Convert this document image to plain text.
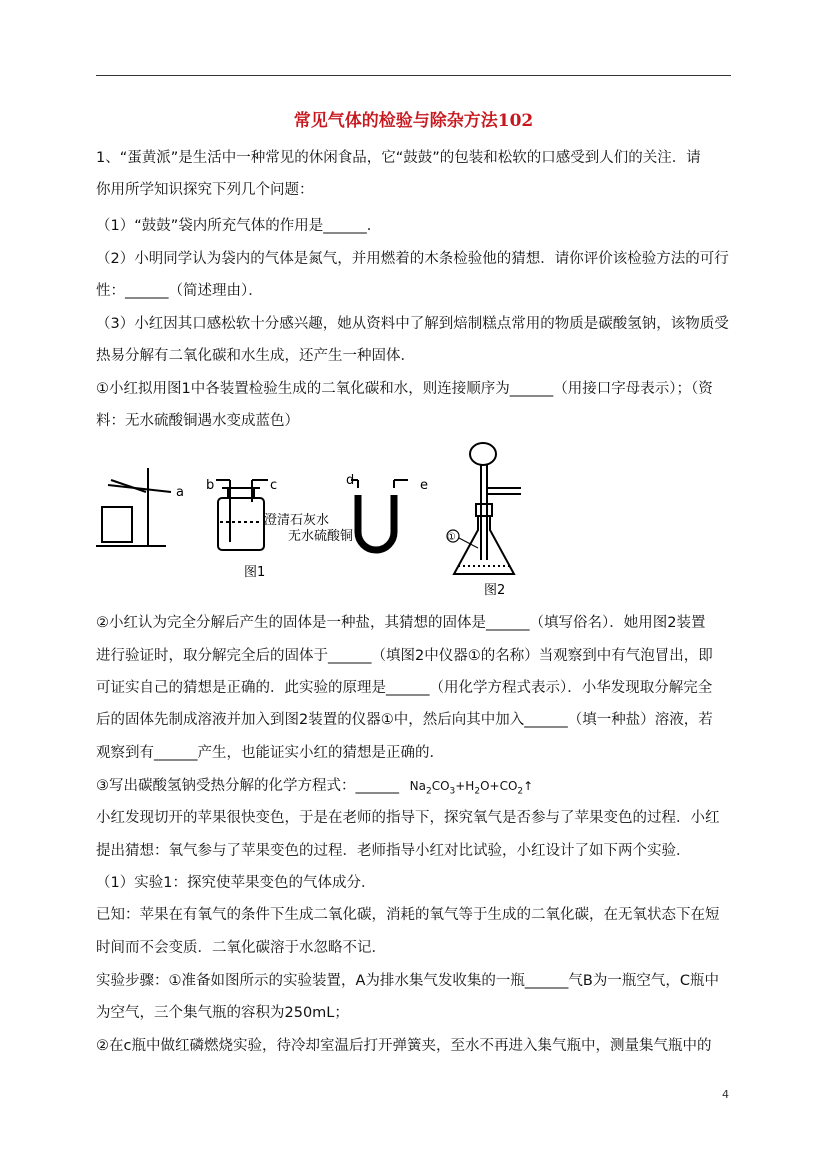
常见气体的检验与除杂方法102
1、“蛋黄派”是生活中一种常见的休闲食品，它“鼓鼓”的包装和松软的口感受到人们的关注．请
你用所学知识探究下列几个问题：
（1）“鼓鼓”袋内所充气体的作用是______．
（2）小明同学认为袋内的气体是氮气，并用燃着的木条检验他的猜想．请你评价该检验方法的可行
性：______（简述理由）．
（3）小红因其口感松软十分感兴趣，她从资料中了解到焙制糕点常用的物质是碳酸氢钠，该物质受
热易分解有二氧化碳和水生成，还产生一种固体．
①小红拟用图1中各装置检验生成的二氧化碳和水，则连接顺序为______（用接口字母表示）；（资
料：无水硫酸铜遇水变成蓝色）
a b	c	d	e
澄清石灰水
无水硫酸铜
图1
图2
①
②小红认为完全分解后产生的固体是一种盐，其猜想的固体是______（填写俗名）．她用图2装置
进行验证时，取分解完全后的固体于______（填图2中仪器①的名称）当观察到中有气泡冒出，即
可证实自己的猜想是正确的．此实验的原理是______（用化学方程式表示）．小华发现取分解完全
后的固体先制成溶液并加入到图2装置的仪器①中，然后向其中加入______（填一种盐）溶液，若
观察到有______产生，也能证实小红的猜想是正确的．
③写出碳酸氢钠受热分解的化学方程式：______ $Na_2CO_3+H_2O+CO_2↑$
小红发现切开的苹果很快变色，于是在老师的指导下，探究氧气是否参与了苹果变色的过程．小红
提出猜想：氧气参与了苹果变色的过程．老师指导小红对比试验，小红设计了如下两个实验．
（1）实验1：探究使苹果变色的气体成分．
已知：苹果在有氧气的条件下生成二氧化碳，消耗的氧气等于生成的二氧化碳，在无氧状态下在短
时间而不会变质．二氧化碳溶于水忽略不记．
实验步骤：①准备如图所示的实验装置，A为排水集气发收集的一瓶______气B为一瓶空气，C瓶中
为空气，三个集气瓶的容积为250mL；
②在c瓶中做红磷燃烧实验，待冷却室温后打开弹簧夹，至水不再进入集气瓶中，测量集气瓶中的
4
